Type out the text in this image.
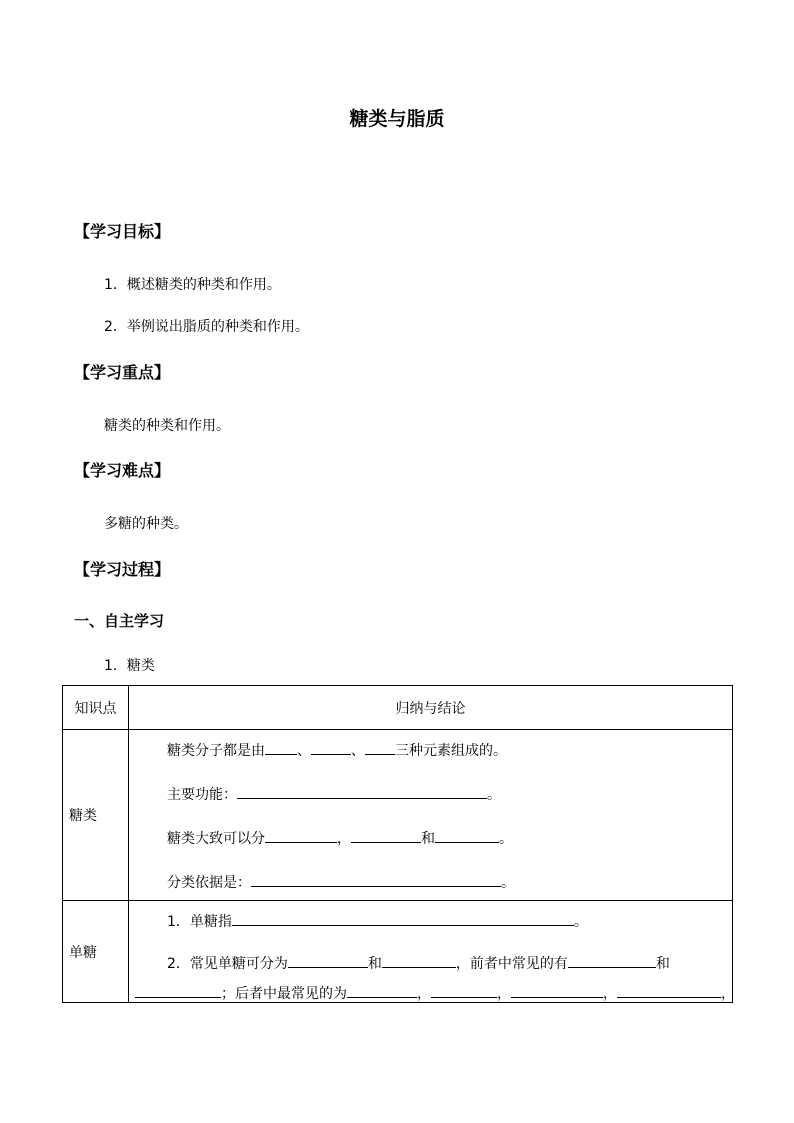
糖类与脂质
【学习目标】
1．概述糖类的种类和作用。
2．举例说出脂质的种类和作用。
【学习重点】
糖类的种类和作用。
【学习难点】
多糖的种类。
【学习过程】
一、自主学习
1．糖类
知识点	归纳与结论
糖类	糖类分子都是由 、 、 三种元素组成的。
主要功能： 。
糖类大致可以分 ， 和 。
分类依据是： 。

单糖	1．单糖指 。
2．常见单糖可分为 和 ，前者中常见的有 和
；后者中最常见的为 ， ， ， ，
